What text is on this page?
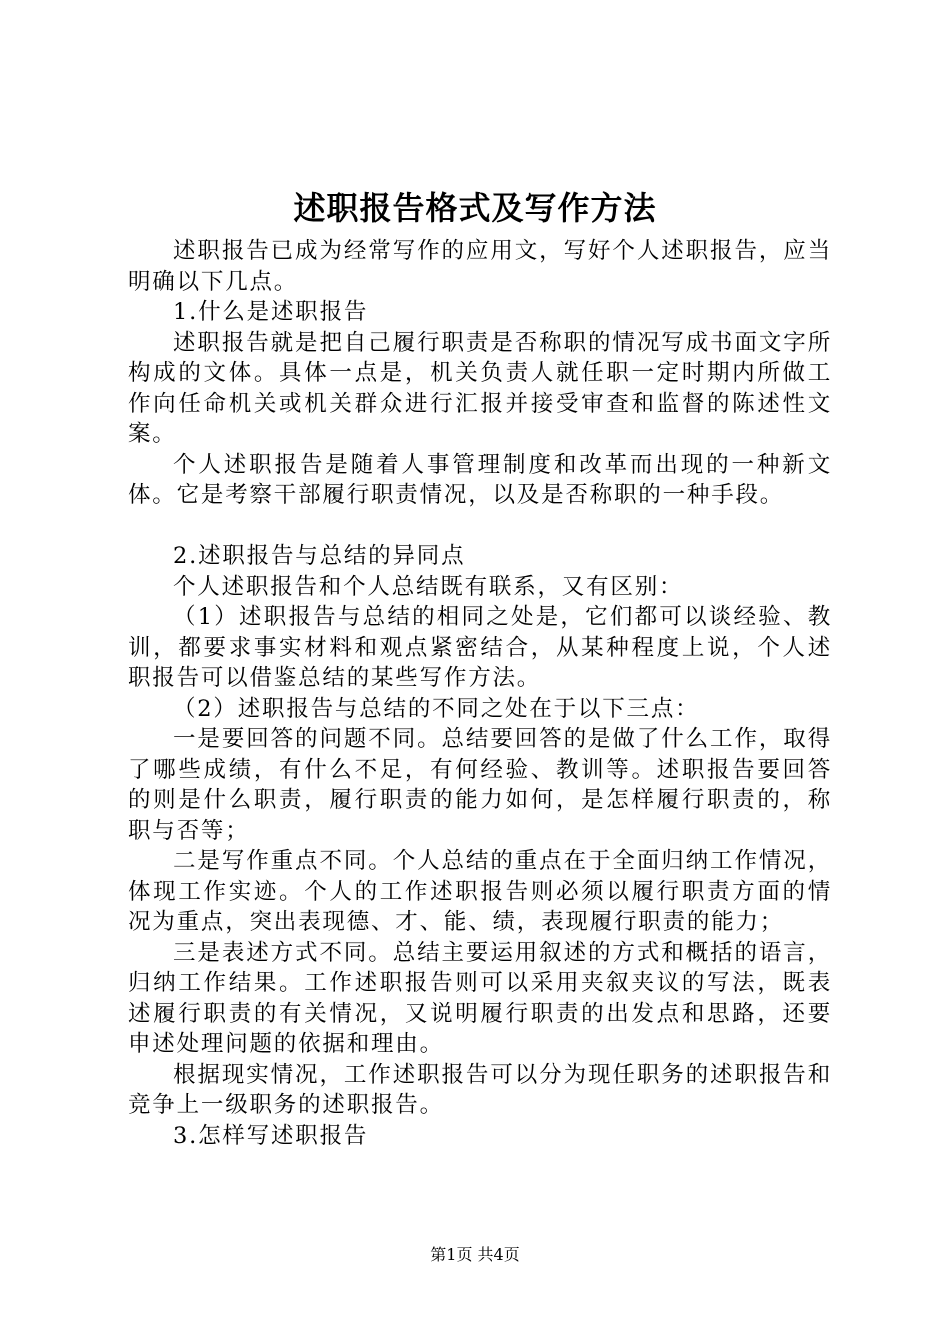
述职报告格式及写作方法

述职报告已成为经常写作的应用文，写好个人述职报告，应当明确以下几点。

1.什么是述职报告

述职报告就是把自己履行职责是否称职的情况写成书面文字所构成的文体。具体一点是，机关负责人就任职一定时期内所做工作向任命机关或机关群众进行汇报并接受审查和监督的陈述性文案。

个人述职报告是随着人事管理制度和改革而出现的一种新文体。它是考察干部履行职责情况，以及是否称职的一种手段。

2.述职报告与总结的异同点

个人述职报告和个人总结既有联系，又有区别：

（1）述职报告与总结的相同之处是，它们都可以谈经验、教训，都要求事实材料和观点紧密结合，从某种程度上说，个人述职报告可以借鉴总结的某些写作方法。

（2）述职报告与总结的不同之处在于以下三点：

一是要回答的问题不同。总结要回答的是做了什么工作，取得了哪些成绩，有什么不足，有何经验、教训等。述职报告要回答的则是什么职责，履行职责的能力如何，是怎样履行职责的，称职与否等；

二是写作重点不同。个人总结的重点在于全面归纳工作情况，体现工作实迹。个人的工作述职报告则必须以履行职责方面的情况为重点，突出表现德、才、能、绩，表现履行职责的能力；

三是表述方式不同。总结主要运用叙述的方式和概括的语言，归纳工作结果。工作述职报告则可以采用夹叙夹议的写法，既表述履行职责的有关情况，又说明履行职责的出发点和思路，还要申述处理问题的依据和理由。

根据现实情况，工作述职报告可以分为现任职务的述职报告和竞争上一级职务的述职报告。

3.怎样写述职报告

第1页 共4页
